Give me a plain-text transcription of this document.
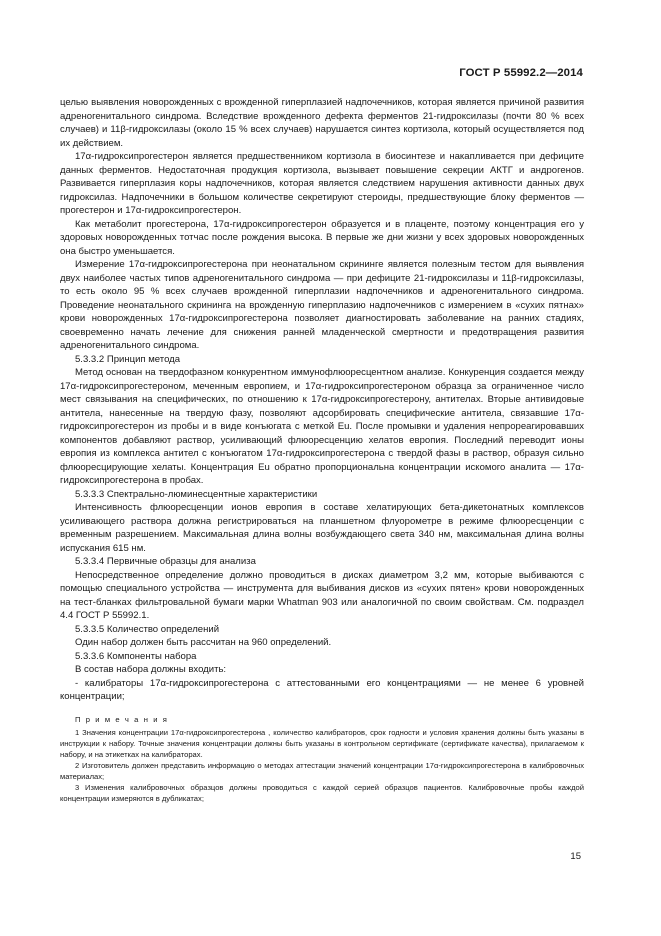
ГОСТ Р 55992.2—2014

целью выявления новорожденных с врожденной гиперплазией надпочечников, которая является причиной развития адреногенитального синдрома. Вследствие врожденного дефекта ферментов 21-гидроксилазы (почти 80 % всех случаев) и 11β-гидроксилазы (около 15 % всех случаев) нарушается синтез кортизола, который осуществляется под их действием.

17α-гидроксипрогестерон является предшественником кортизола в биосинтезе и накапливается при дефиците данных ферментов. Недостаточная продукция кортизола, вызывает повышение секреции АКТГ и андрогенов. Развивается гиперплазия коры надпочечников, которая является следствием нарушения активности данных двух гидроксилаз. Надпочечники в большом количестве секретируют стероиды, предшествующие блоку ферментов — прогестерон и 17α-гидроксипрогестерон.

Как метаболит прогестерона, 17α-гидроксипрогестерон образуется и в плаценте, поэтому концентрация его у здоровых новорожденных тотчас после рождения высока. В первые же дни жизни у всех здоровых новорожденных она быстро уменьшается.

Измерение 17α-гидроксипрогестерона при неонатальном скрининге является полезным тестом для выявления двух наиболее частых типов адреногенитального синдрома — при дефиците 21-гидроксилазы и 11β-гидроксилазы, то есть около 95 % всех случаев врожденной гиперплазии надпочечников и адреногенитального синдрома. Проведение неонатального скрининга на врожденную гиперплазию надпочечников с измерением в «сухих пятнах» крови новорожденных 17α-гидроксипрогестерона позволяет диагностировать заболевание на ранних стадиях, своевременно начать лечение для снижения ранней младенческой смертности и предотвращения развития адреногенитального синдрома.

5.3.3.2 Принцип метода

Метод основан на твердофазном конкурентном иммунофлюоресцентном анализе. Конкуренция создается между 17α-гидроксипрогестероном, меченным европием, и 17α-гидроксипрогестероном образца за ограниченное число мест связывания на специфических, по отношению к 17α-гидроксипрогестерону, антителах. Вторые антивидовые антитела, нанесенные на твердую фазу, позволяют адсорбировать специфические антитела, связавшие 17α-гидроксипрогестерон из пробы и в виде конъюгата с меткой Eu. После промывки и удаления непрореагировавших компонентов добавляют раствор, усиливающий флюоресценцию хелатов европия. Последний переводит ионы европия из комплекса антител с конъюгатом 17α-гидроксипрогестерона с твердой фазы в раствор, образуя сильно флюоресцирующие хелаты. Концентрация Eu обратно пропорциональна концентрации искомого аналита — 17α-гидроксипрогестерона в пробах.

5.3.3.3 Спектрально-люминесцентные характеристики

Интенсивность флюоресценции ионов европия в составе хелатирующих бета-дикетонатных комплексов усиливающего раствора должна регистрироваться на планшетном флуорометре в режиме флюоресценции с временным разрешением. Максимальная длина волны возбуждающего света 340 нм, максимальная длина волны испускания 615 нм.

5.3.3.4 Первичные образцы для анализа

Непосредственное определение должно проводиться в дисках диаметром 3,2 мм, которые выбиваются с помощью специального устройства — инструмента для выбивания дисков из «сухих пятен» крови новорожденных на тест-бланках фильтровальной бумаги марки Whatman 903 или аналогичной по своим свойствам. См. подраздел 4.4 ГОСТ Р 55992.1.

5.3.3.5 Количество определений

Один набор должен быть рассчитан на 960 определений.

5.3.3.6 Компоненты набора

В состав набора должны входить:

- калибраторы 17α-гидроксипрогестерона с аттестованными его концентрациями — не менее 6 уровней концентрации;

П р и м е ч а н и я

1 Значения концентрации 17α-гидроксипрогестерона , количество калибраторов, срок годности и условия хранения должны быть указаны в инструкции к набору. Точные значения концентрации должны быть указаны в контрольном сертификате (сертификате качества), прилагаемом к набору, и на этикетках на калибраторах.

2 Изготовитель должен представить информацию о методах аттестации значений концентрации 17α-гидроксипрогестерона в калибровочных материалах;

3 Изменения калибровочных образцов должны проводиться с каждой серией образцов пациентов. Калибровочные пробы каждой концентрации измеряются в дубликатах;

15
